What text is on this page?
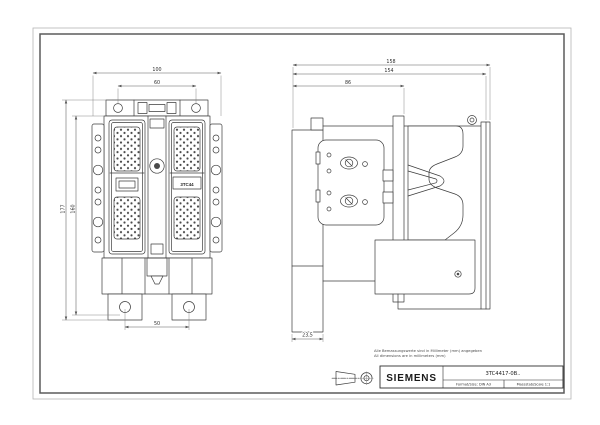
3TC44
100
60
177 160
50
158
154
86
23,5
Alle Bemassungswerte sind in Millimeter (mm) angegeben
All dimensions are in millimeters (mm)
SIEMENS	3TC4417-0B..
Format/Size: DIN A3	Massstab/Scale 1:1
